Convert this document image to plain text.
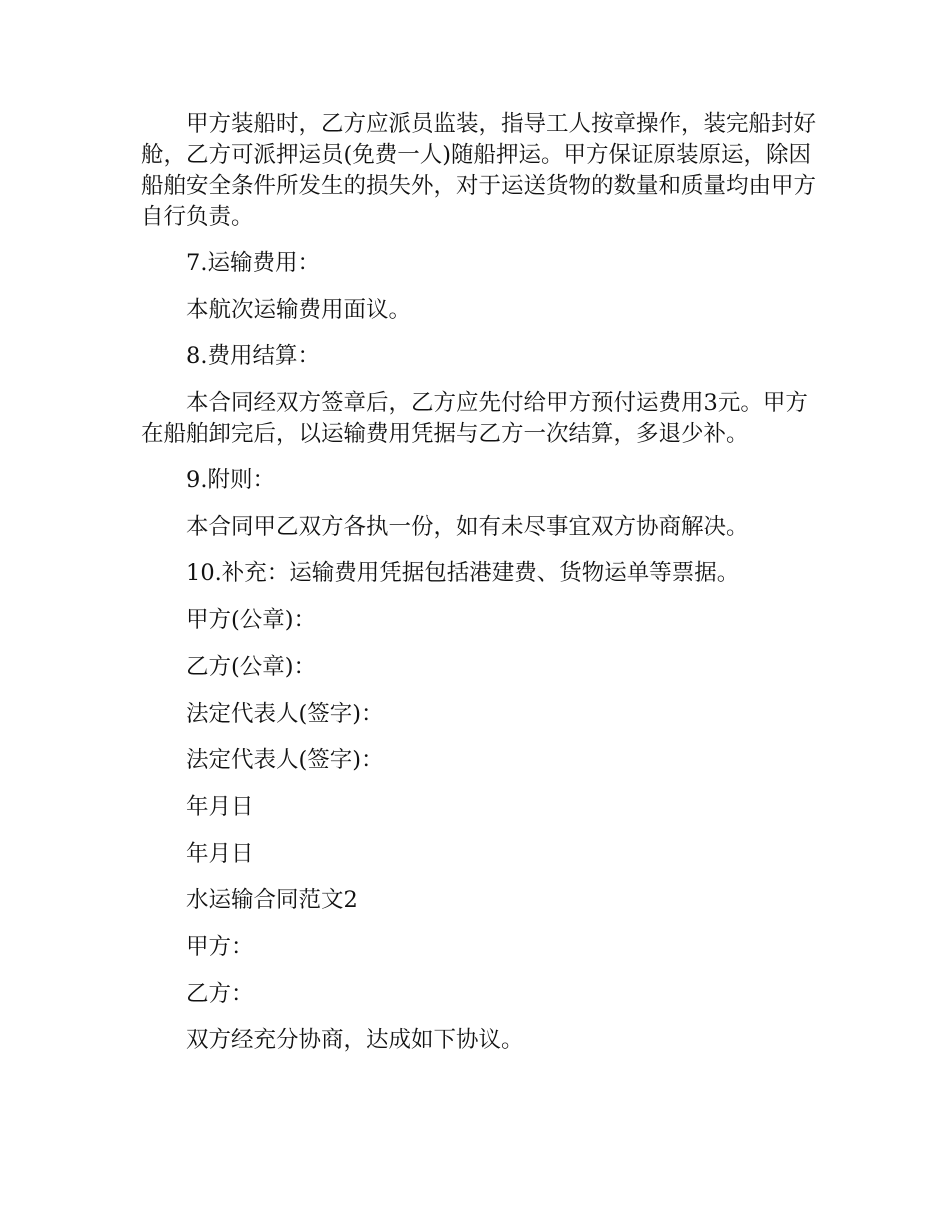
甲方装船时，乙方应派员监装，指导工人按章操作，装完船封好舱，乙方可派押运员(免费一人)随船押运。甲方保证原装原运，除因船舶安全条件所发生的损失外，对于运送货物的数量和质量均由甲方自行负责。

7.运输费用：

本航次运输费用面议。

8.费用结算：

本合同经双方签章后，乙方应先付给甲方预付运费用3元。甲方在船舶卸完后，以运输费用凭据与乙方一次结算，多退少补。

9.附则：

本合同甲乙双方各执一份，如有未尽事宜双方协商解决。

10.补充：运输费用凭据包括港建费、货物运单等票据。

甲方(公章)：

乙方(公章)：

法定代表人(签字)：

法定代表人(签字)：

年月日

年月日

水运输合同范文2

甲方：

乙方：

双方经充分协商，达成如下协议。
